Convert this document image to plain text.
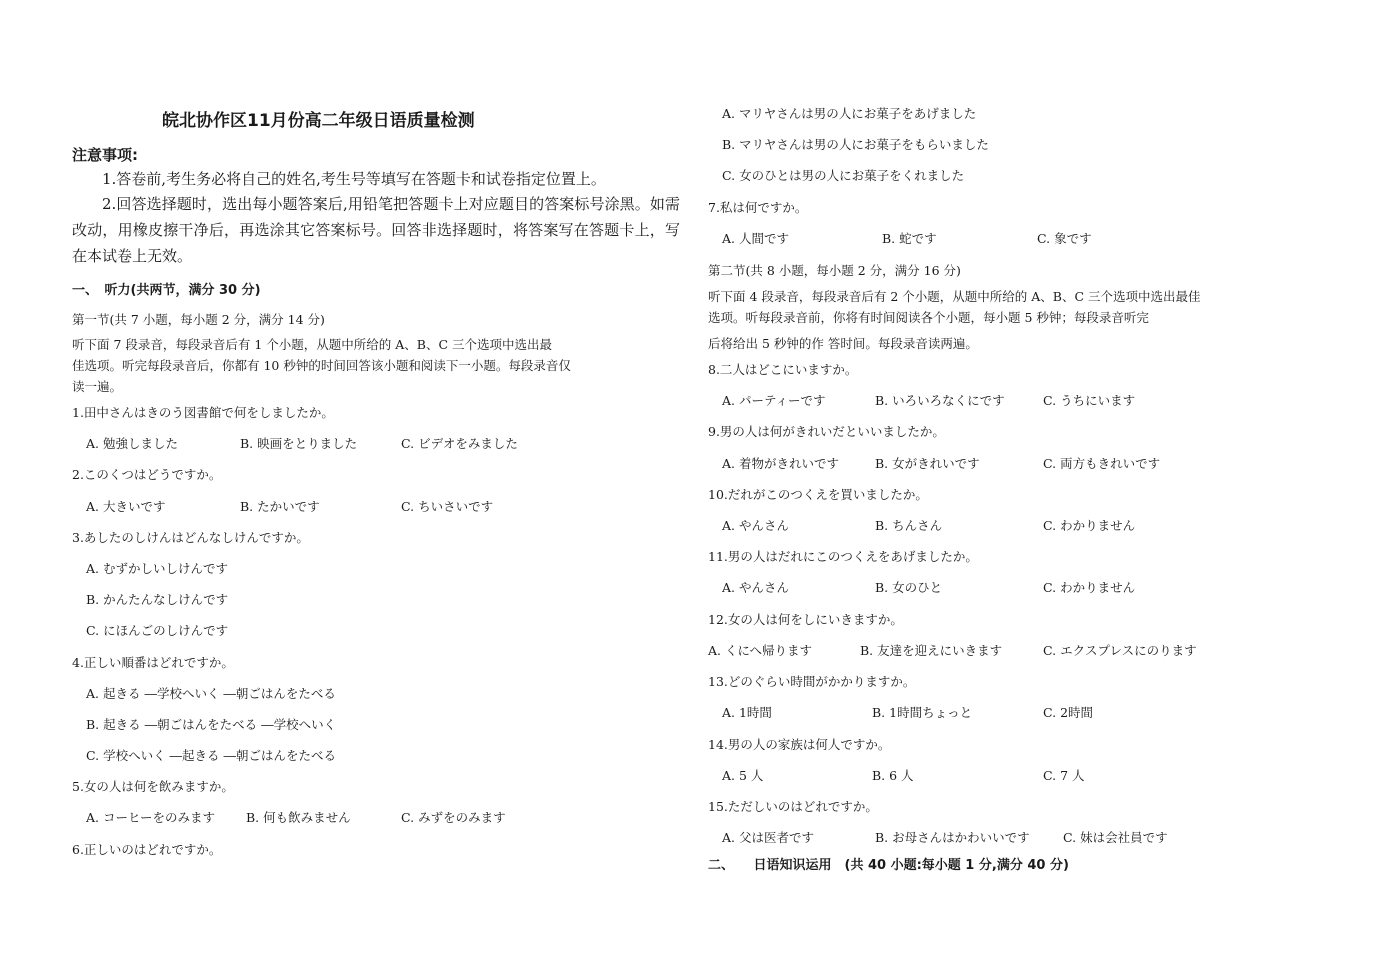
皖北协作区11月份高二年级日语质量检测
注意事项:
1.答卷前,考生务必将自己的姓名,考生号等填写在答题卡和试卷指定位置上。
2.回答选择题时，选出每小题答案后,用铅笔把答题卡上对应题目的答案标号涂黑。如需改动，用橡皮擦干净后，再选涂其它答案标号。回答非选择题时，将答案写在答题卡上，写在本试卷上无效。
一、　听力(共两节，满分 30 分)
第一节(共 7 小题，每小题 2 分，满分 14 分)
听下面 7 段录音，每段录音后有 1 个小题，从题中所给的 A、B、C 三个选项中选出最
佳选项。听完每段录音后，你都有 10 秒钟的时间回答该小题和阅读下一小题。每段录音仅
读一遍。
1.田中さんはきのう図書館で何をしましたか。
A. 勉強しました	B. 映画をとりました	C. ビデオをみました
2.このくつはどうですか。
A. 大きいです	B. たかいです	C. ちいさいです
3.あしたのしけんはどんなしけんですか。
A. むずかしいしけんです
B. かんたんなしけんです
C. にほんごのしけんです
4.正しい順番はどれですか。
A. 起きる ―学校へいく ―朝ごはんをたべる
B. 起きる ―朝ごはんをたべる ―学校へいく
C. 学校へいく ―起きる ―朝ごはんをたべる
5.女の人は何を飲みますか。
A. コーヒーをのみます B. 何も飲みません	C. みずをのみます
6.正しいのはどれですか。
A. マリヤさんは男の人にお菓子をあげました
B. マリヤさんは男の人にお菓子をもらいました
C. 女のひとは男の人にお菓子をくれました
7.私は何ですか。
A. 人間です	B. 蛇です	C. 象です
第二节(共 8 小题，每小题 2 分，满分 16 分)
听下面 4 段录音，每段录音后有 2 个小题，从题中所给的 A、B、C 三个选项中选出最佳
选项。听每段录音前，你将有时间阅读各个小题，每小题 5 秒钟；每段录音听完
后将给出 5 秒钟的作 答时间。每段录音读两遍。
8.二人はどこにいますか。
A. パーティーです	B. いろいろなくにです	C. うちにいます
9.男の人は何がきれいだといいましたか。
A. 着物がきれいです	B. 女がきれいです	C. 両方もきれいです
10.だれがこのつくえを買いましたか。
A. やんさん	B. ちんさん	C. わかりません
11.男の人はだれにこのつくえをあげましたか。
A. やんさん	B. 女のひと	C. わかりません
12.女の人は何をしにいきますか。
A. くにへ帰ります	B. 友達を迎えにいきます	C. エクスプレスにのります
13.どのぐらい時間がかかりますか。
A. 1時間	B. 1時間ちょっと	C. 2時間
14.男の人の家族は何人ですか。
A. 5 人	B. 6 人	C. 7 人
15.ただしいのはどれですか。
A. 父は医者です	B. お母さんはかわいいです	C. 妹は会社員です
二、　　日语知识运用　(共 40 小题:每小题 1 分,满分 40 分)
